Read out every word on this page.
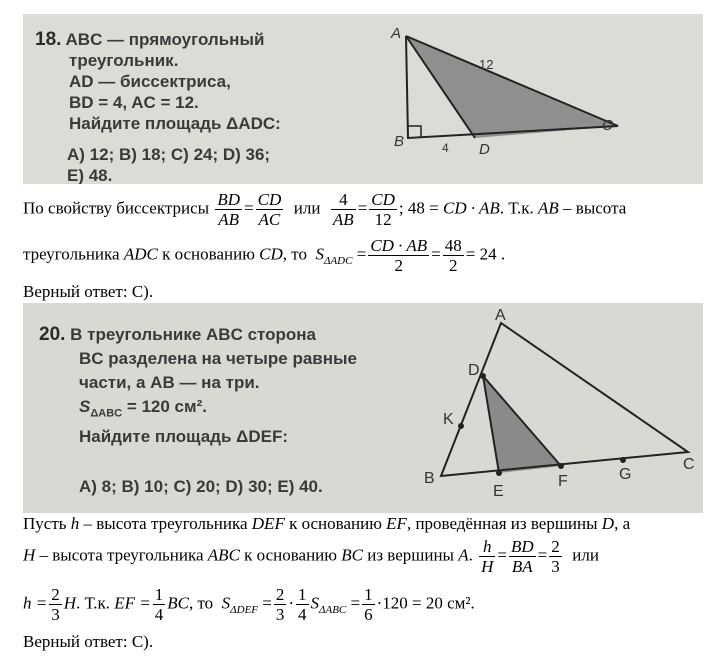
18. ABC — прямоугольный
треугольник.
AD — биссектриса,
BD = 4, AC = 12.
Найдите площадь ΔADC:
A) 12; B) 18; C) 24; D) 36;
E) 48.
A
B	D
C
12
4
По свойству биссектрисы $\frac{BD}{AB} = \frac{CD}{AC}$ или $\frac{4}{AB} = \frac{CD}{12}$ ; 48 = CD · AB. Т.к. AB – высота
треугольника ADC к основанию CD, то $S_{\Delta ADC} = \frac{CD \cdot AB}{2} = \frac{48}{2} = 24$ .
Верный ответ: C).
20. В треугольнике ABC сторона
BC разделена на четыре равные
части, а AB — на три.
$S_{\Delta ABC} = 120$ см².
Найдите площадь ΔDEF:
A) 8; B) 10; C) 20; D) 30; E) 40.
A
D
K
B
E
F	G
C
Пусть h – высота треугольника DEF к основанию EF, проведённая из вершины D, а
H – высота треугольника ABC к основанию BC из вершины A. $\frac{h}{H} = \frac{BD}{BA} = \frac{2}{3}$ или
$h = \frac{2}{3} H$. Т.к. EF = $\frac{1}{4}$ BC, то $S_{\Delta DEF} = \frac{2}{3} \cdot \frac{1}{4} S_{\Delta ABC} = \frac{1}{6} \cdot 120 = 20$ см².
Верный ответ: C).
